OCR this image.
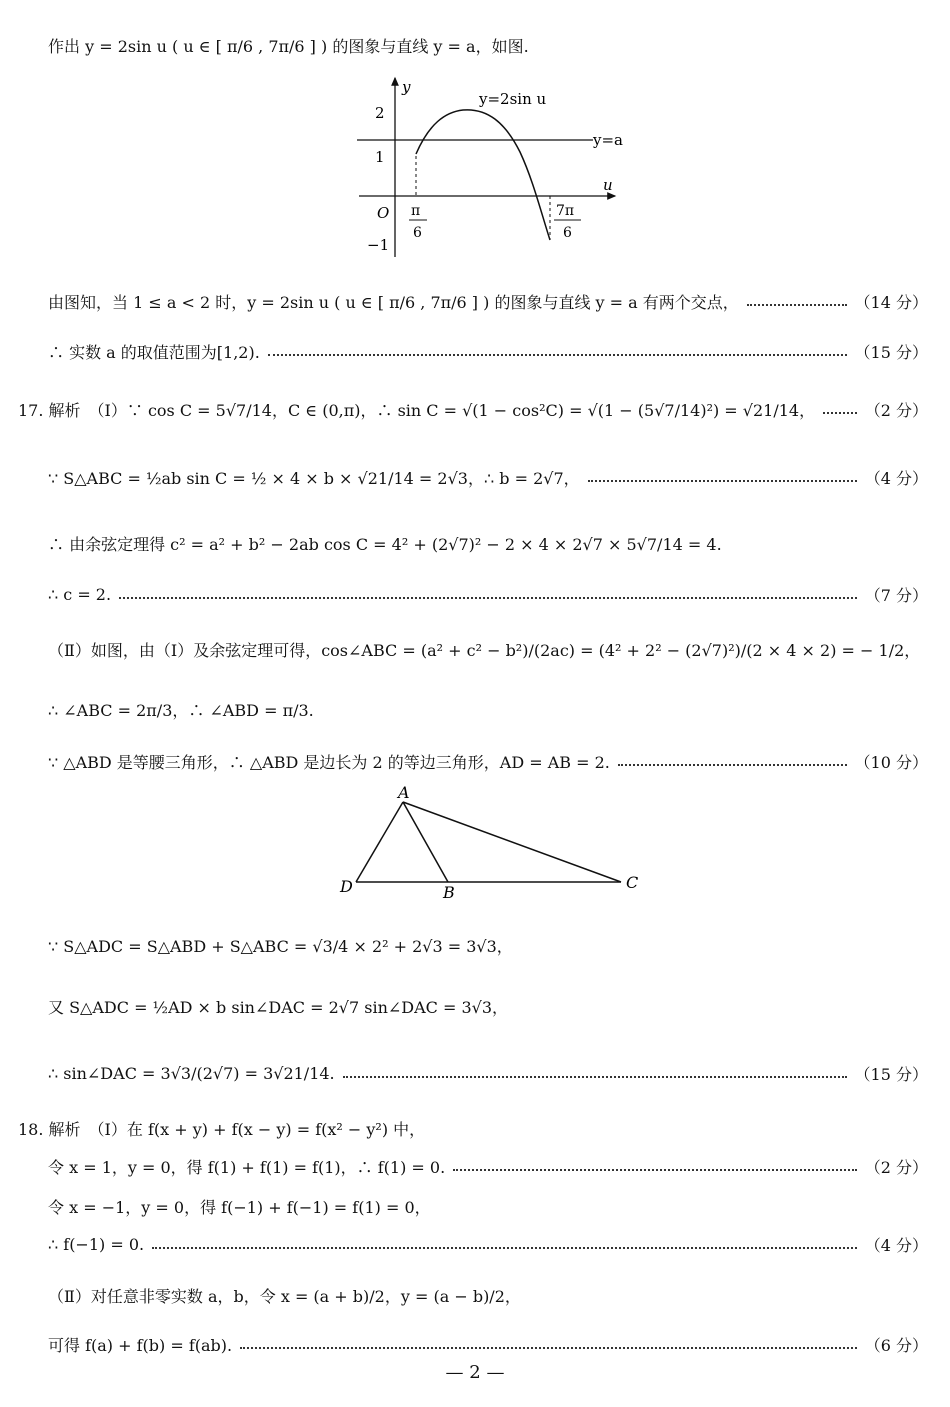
作出 y = 2sin u ( u ∈ [ π/6 , 7π/6 ] ) 的图象与直线 y = a，如图.
y
u
O
2
1
−1
y=2sin u
y=a
π
6
7π
6
由图知，当 1 ≤ a < 2 时，y = 2sin u ( u ∈ [ π/6 , 7π/6 ] ) 的图象与直线 y = a 有两个交点，	（14 分）
∴ 实数 a 的取值范围为[1,2).	（15 分）
17. 解析　（Ⅰ）∵ cos C = 5√7/14，C ∈ (0,π)，∴ sin C = √(1 − cos²C) = √(1 − (5√7/14)²) = √21/14，	（2 分）
∵ S△ABC = ½ab sin C = ½ × 4 × b × √21/14 = 2√3，∴ b = 2√7，	（4 分）
∴ 由余弦定理得 c² = a² + b² − 2ab cos C = 4² + (2√7)² − 2 × 4 × 2√7 × 5√7/14 = 4.
∴ c = 2.	（7 分）
（Ⅱ）如图，由（Ⅰ）及余弦定理可得，cos∠ABC = (a² + c² − b²)/(2ac) = (4² + 2² − (2√7)²)/(2 × 4 × 2) = − 1/2，
∴ ∠ABC = 2π/3，∴ ∠ABD = π/3.
∵ △ABD 是等腰三角形，∴ △ABD 是边长为 2 的等边三角形，AD = AB = 2.	（10 分）
A
B
C
D
∵ S△ADC = S△ABD + S△ABC = √3/4 × 2² + 2√3 = 3√3，
又 S△ADC = ½AD × b sin∠DAC = 2√7 sin∠DAC = 3√3，
∴ sin∠DAC = 3√3/(2√7) = 3√21/14.	（15 分）
18. 解析　（Ⅰ）在 f(x + y) + f(x − y) = f(x² − y²) 中，
令 x = 1，y = 0，得 f(1) + f(1) = f(1)，∴ f(1) = 0.	（2 分）
令 x = −1，y = 0，得 f(−1) + f(−1) = f(1) = 0，
∴ f(−1) = 0.	（4 分）
（Ⅱ）对任意非零实数 a，b，令 x = (a + b)/2，y = (a − b)/2，
可得 f(a) + f(b) = f(ab).	（6 分）
— 2 —
